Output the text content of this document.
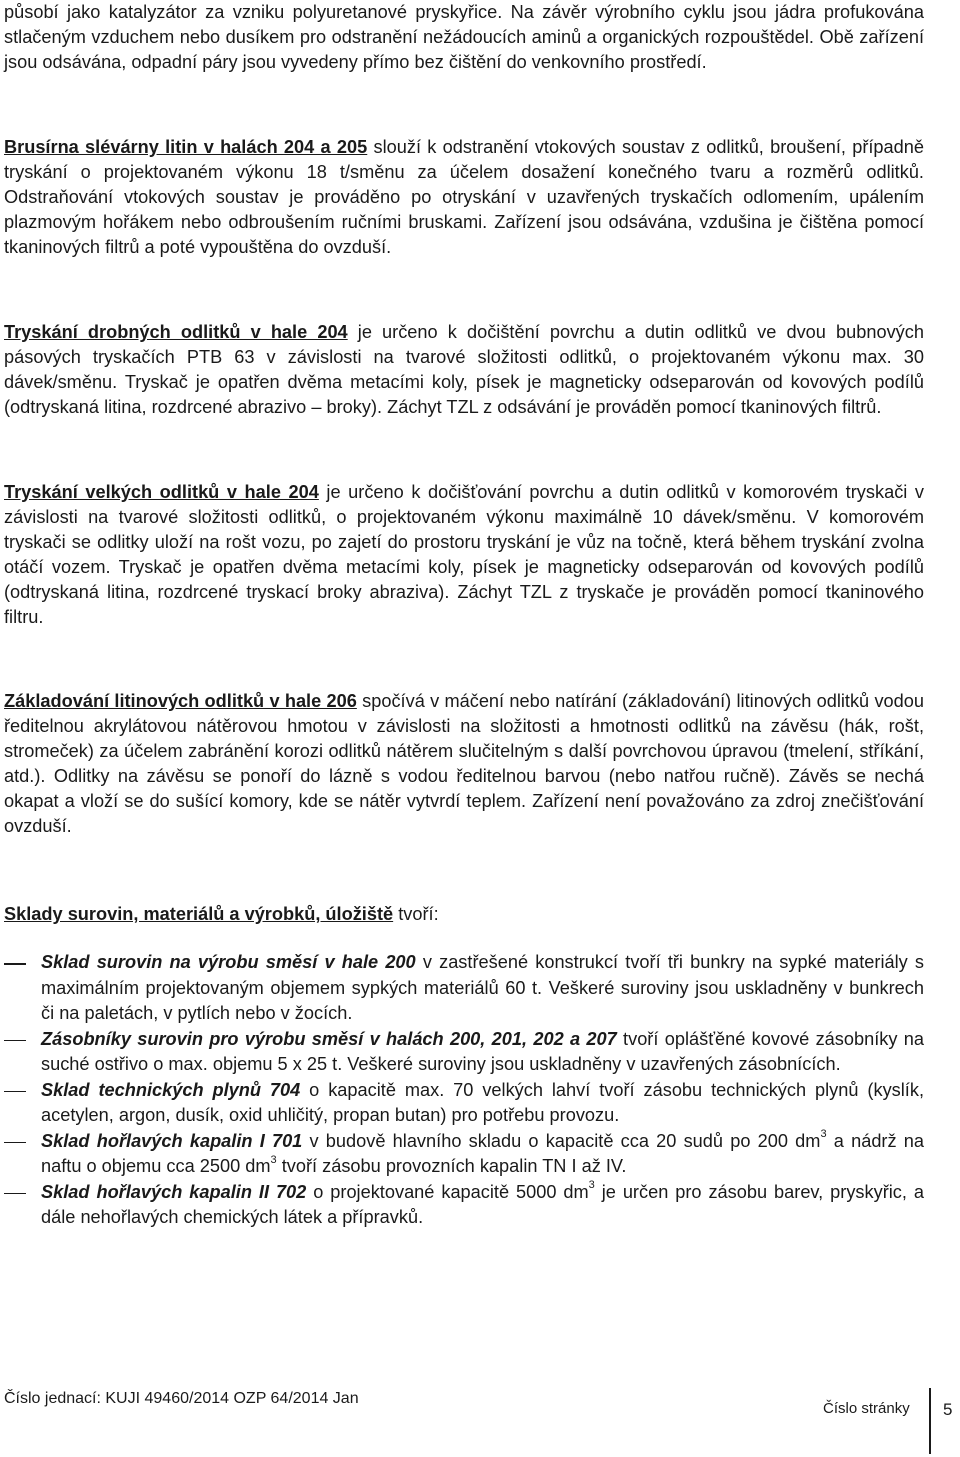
působí jako katalyzátor za vzniku polyuretanové pryskyřice. Na závěr výrobního cyklu jsou jádra profukována stlačeným vzduchem nebo dusíkem pro odstranění nežádoucích aminů a organických rozpouštědel. Obě zařízení jsou odsávána, odpadní páry jsou vyvedeny přímo bez čištění do venkovního prostředí.

Brusírna slévárny litin v halách 204 a 205 slouží k odstranění vtokových soustav z odlitků, broušení, případně tryskání o projektovaném výkonu 18 t/směnu za účelem dosažení konečného tvaru a rozměrů odlitků. Odstraňování vtokových soustav je prováděno po otryskání v uzavřených tryskačích odlomením, upálením plazmovým hořákem nebo odbroušením ručními bruskami. Zařízení jsou odsávána, vzdušina je čištěna pomocí tkaninových filtrů a poté vypouštěna do ovzduší.

Tryskání drobných odlitků v hale 204 je určeno k dočištění povrchu a dutin odlitků ve dvou bubnových pásových tryskačích PTB 63 v závislosti na tvarové složitosti odlitků, o projektovaném výkonu max. 30 dávek/směnu. Tryskač je opatřen dvěma metacími koly, písek je magneticky odseparován od kovových podílů (odtryskaná litina, rozdrcené abrazivo – broky). Záchyt TZL z odsávání je prováděn pomocí tkaninových filtrů.

Tryskání velkých odlitků v hale 204 je určeno k dočišťování povrchu a dutin odlitků v komorovém tryskači v závislosti na tvarové složitosti odlitků, o projektovaném výkonu maximálně 10 dávek/směnu. V komorovém tryskači se odlitky uloží na rošt vozu, po zajetí do prostoru tryskání je vůz na točně, která během tryskání zvolna otáčí vozem. Tryskač je opatřen dvěma metacími koly, písek je magneticky odseparován od kovových podílů (odtryskaná litina, rozdrcené tryskací broky abraziva). Záchyt TZL z tryskače je prováděn pomocí tkaninového filtru.

Základování litinových odlitků v hale 206 spočívá v máčení nebo natírání (základování) litinových odlitků vodou ředitelnou akrylátovou nátěrovou hmotou v závislosti na složitosti a hmotnosti odlitků na závěsu (hák, rošt, stromeček) za účelem zabránění korozi odlitků nátěrem slučitelným s další povrchovou úpravou (tmelení, stříkání, atd.). Odlitky na závěsu se ponoří do lázně s vodou ředitelnou barvou (nebo natřou ručně). Závěs se nechá okapat a vloží se do sušící komory, kde se nátěr vytvrdí teplem. Zařízení není považováno za zdroj znečišťování ovzduší.

Sklady surovin, materiálů a výrobků, úložiště tvoří:

Sklad surovin na výrobu směsí v hale 200 v zastřešené konstrukcí tvoří tři bunkry na sypké materiály s maximálním projektovaným objemem sypkých materiálů 60 t. Veškeré suroviny jsou uskladněny v bunkrech či na paletách, v pytlích nebo v žocích.
Zásobníky surovin pro výrobu směsí v halách 200, 201, 202 a 207 tvoří oplášťěné kovové zásobníky na suché ostřivo o max. objemu 5 x 25 t. Veškeré suroviny jsou uskladněny v uzavřených zásobnících.
Sklad technických plynů 704 o kapacitě max. 70 velkých lahví tvoří zásobu technických plynů (kyslík, acetylen, argon, dusík, oxid uhličitý, propan butan) pro potřebu provozu.
Sklad hořlavých kapalin I 701 v budově hlavního skladu o kapacitě cca 20 sudů po 200 $dm^3$ a nádrž na naftu o objemu cca 2500 $dm^3$ tvoří zásobu provozních kapalin TN I až IV.
Sklad hořlavých kapalin II 702 o projektované kapacitě 5000 $dm^3$ je určen pro zásobu barev, pryskyřic, a dále nehořlavých chemických látek a přípravků.
Číslo jednací: KUJI 49460/2014 OZP 64/2014 Jan
Číslo stránky 5
